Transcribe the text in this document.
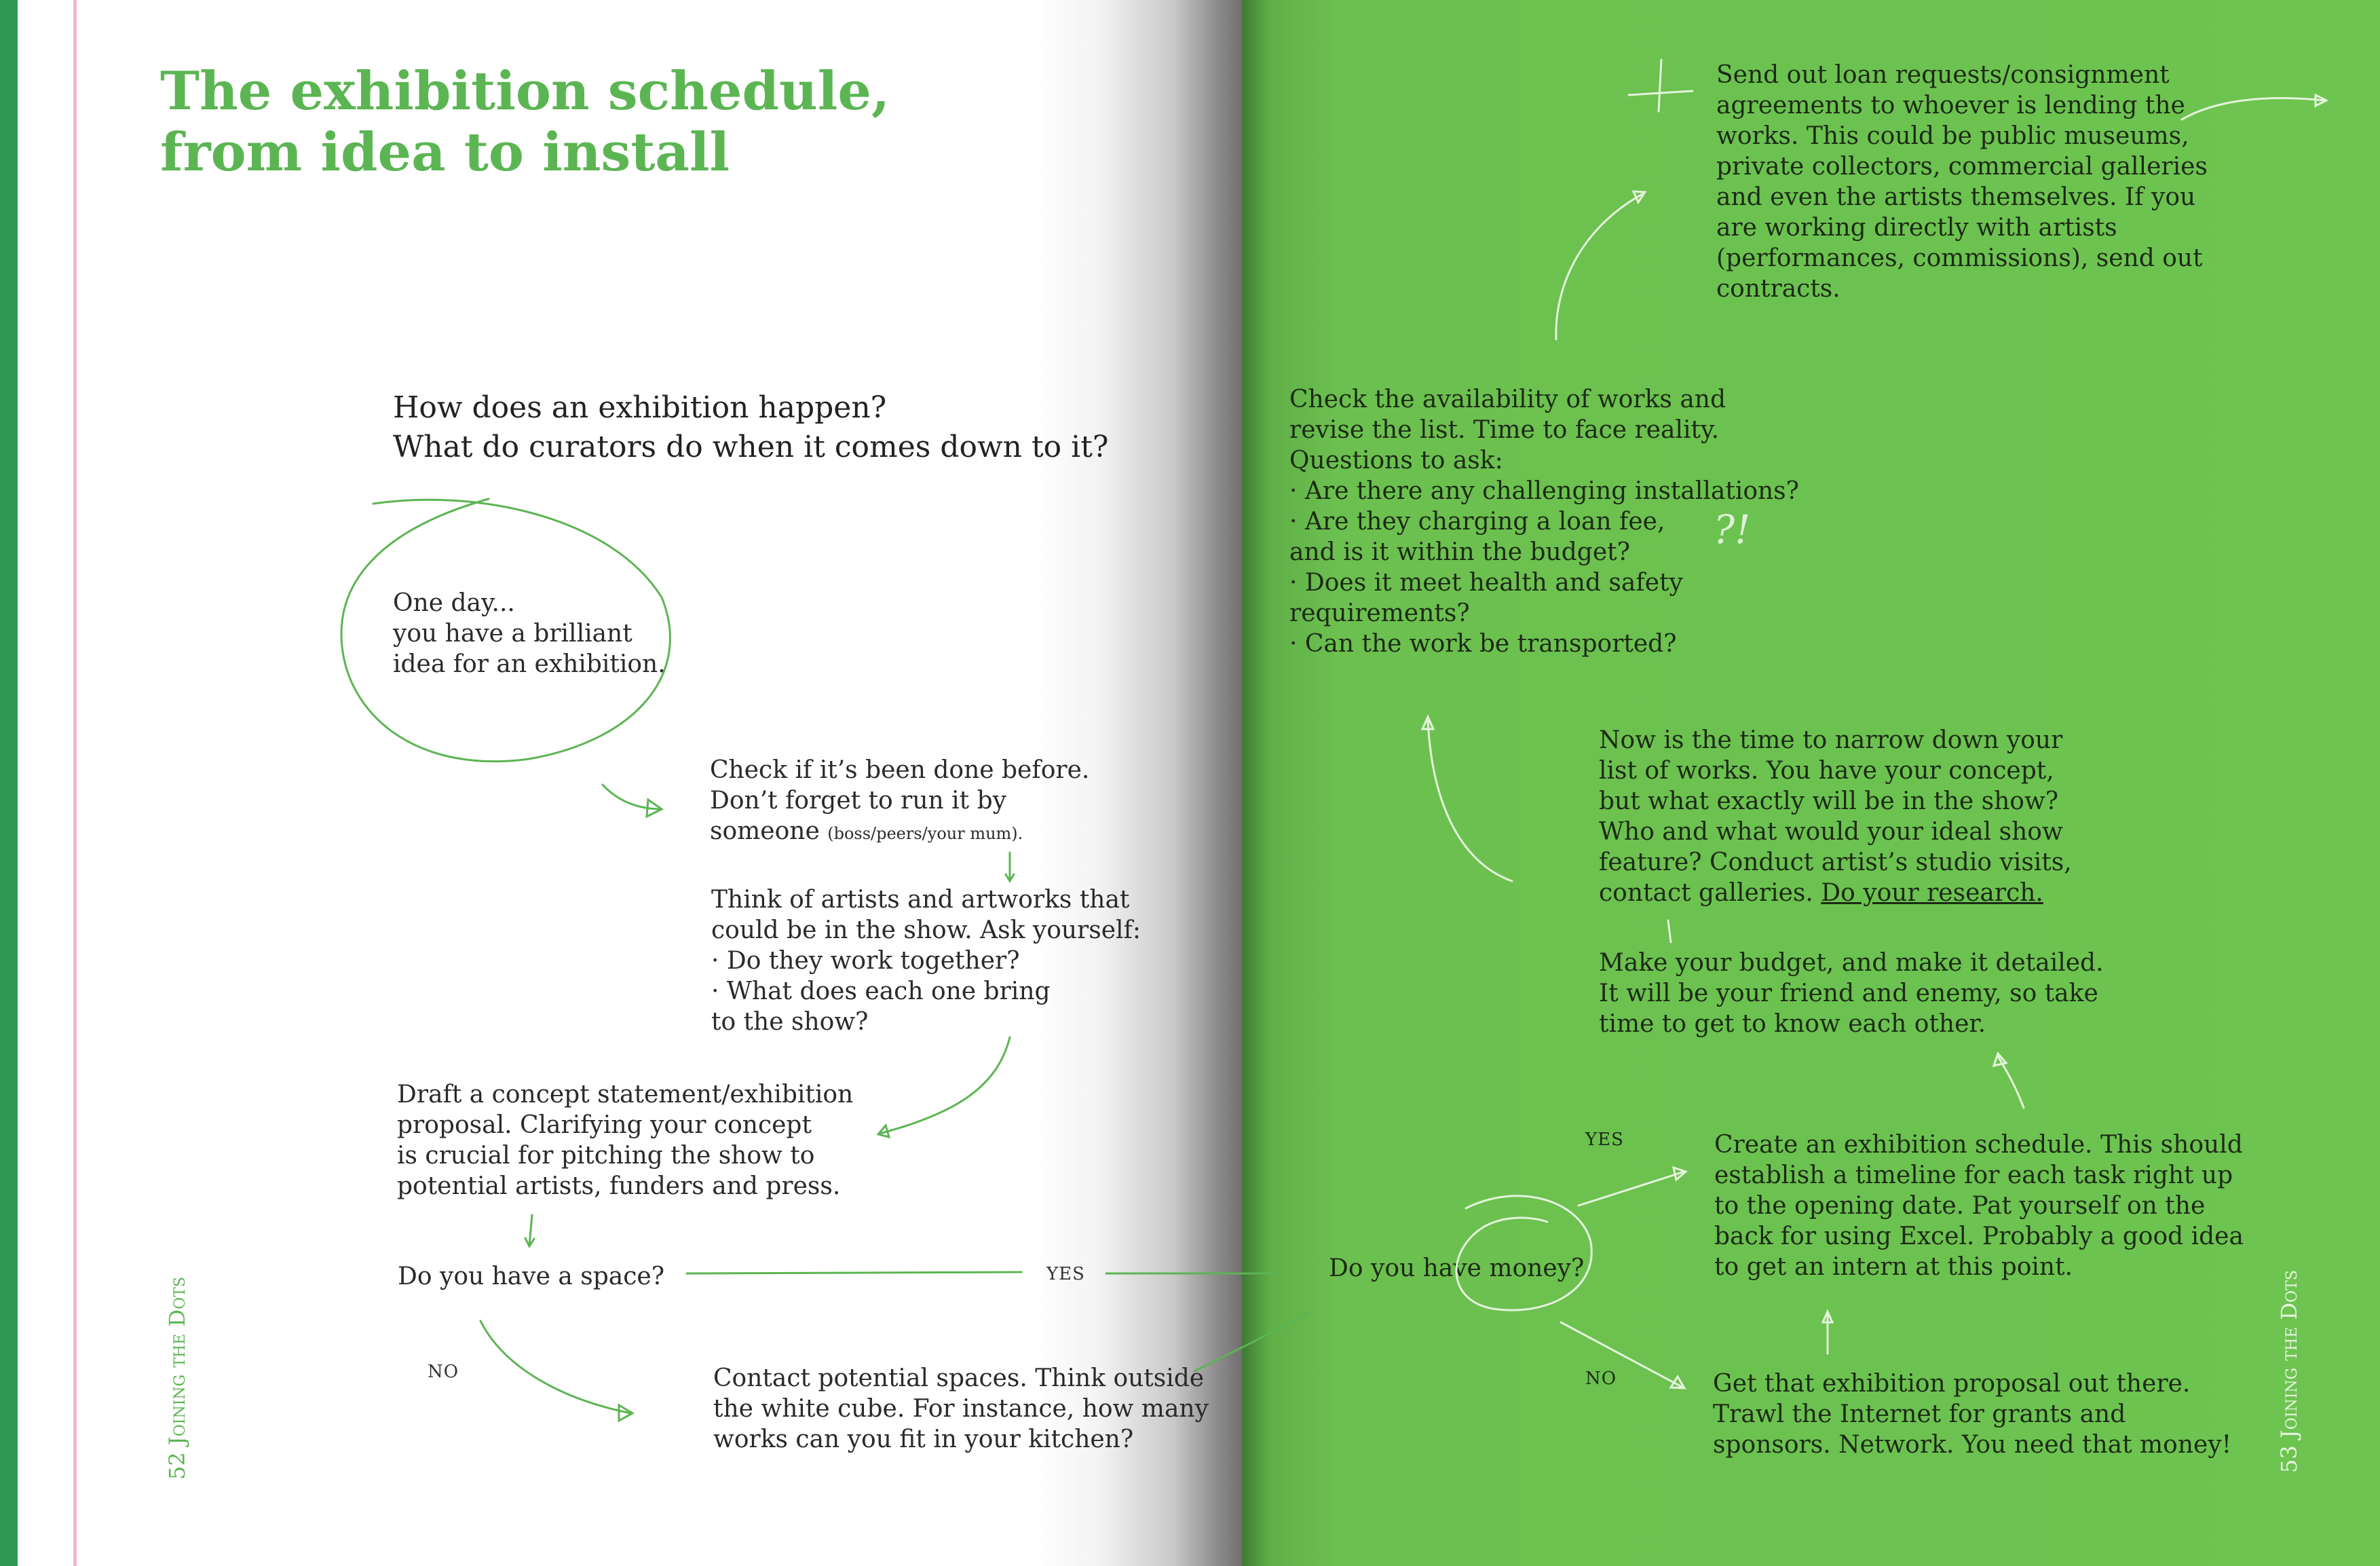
The exhibition schedule,
from idea to install
How does an exhibition happen?
What do curators do when it comes down to it?
One day...
you have a brilliant
idea for an exhibition.
Check if it’s been done before.
Don’t forget to run it by
someone (boss/peers/your mum).
Think of artists and artworks that
could be in the show. Ask yourself:
· Do they work together?
· What does each one bring
to the show?
Draft a concept statement/exhibition
proposal. Clarifying your concept
is crucial for pitching the show to
potential artists, funders and press.
Do you have a space?	YES
NO	Contact potential spaces. Think outside
the white cube. For instance, how many
works can you fit in your kitchen?
52 Joining the Dots
Send out loan requests/consignment
agreements to whoever is lending the
works. This could be public museums,
private collectors, commercial galleries
and even the artists themselves. If you
are working directly with artists
(performances, commissions), send out
contracts.
Check the availability of works and
revise the list. Time to face reality.
Questions to ask:
· Are there any challenging installations?
· Are they charging a loan fee,
and is it within the budget?
· Does it meet health and safety
requirements?
· Can the work be transported?
?!
Now is the time to narrow down your
list of works. You have your concept,
but what exactly will be in the show?
Who and what would your ideal show
feature? Conduct artist’s studio visits,
contact galleries. Do your research.
Make your budget, and make it detailed.
It will be your friend and enemy, so take
time to get to know each other.
Do you have money?
YES
NO
Create an exhibition schedule. This should
establish a timeline for each task right up
to the opening date. Pat yourself on the
back for using Excel. Probably a good idea
to get an intern at this point.
Get that exhibition proposal out there.
Trawl the Internet for grants and
sponsors. Network. You need that money!
53 Joining the Dots
